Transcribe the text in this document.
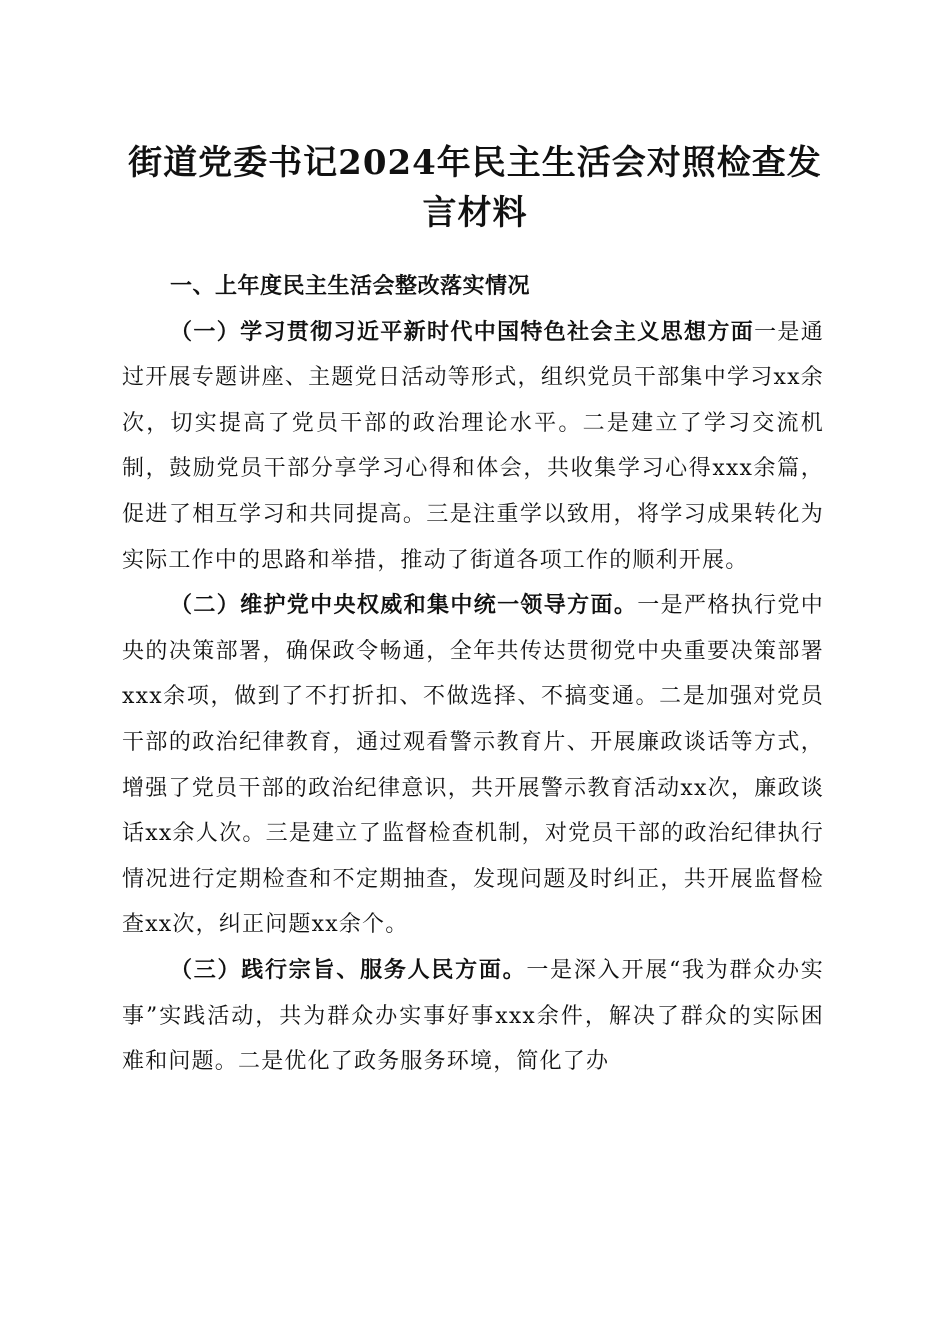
街道党委书记2024年民主生活会对照检查发言材料

一、上年度民主生活会整改落实情况

（一）学习贯彻习近平新时代中国特色社会主义思想方面一是通过开展专题讲座、主题党日活动等形式，组织党员干部集中学习xx余次，切实提高了党员干部的政治理论水平。二是建立了学习交流机制，鼓励党员干部分享学习心得和体会，共收集学习心得xxx余篇，促进了相互学习和共同提高。三是注重学以致用，将学习成果转化为实际工作中的思路和举措，推动了街道各项工作的顺利开展。

（二）维护党中央权威和集中统一领导方面。一是严格执行党中央的决策部署，确保政令畅通，全年共传达贯彻党中央重要决策部署xxx余项，做到了不打折扣、不做选择、不搞变通。二是加强对党员干部的政治纪律教育，通过观看警示教育片、开展廉政谈话等方式，增强了党员干部的政治纪律意识，共开展警示教育活动xx次，廉政谈话xx余人次。三是建立了监督检查机制，对党员干部的政治纪律执行情况进行定期检查和不定期抽查，发现问题及时纠正，共开展监督检查xx次，纠正问题xx余个。

（三）践行宗旨、服务人民方面。一是深入开展“我为群众办实事”实践活动，共为群众办实事好事xxx余件，解决了群众的实际困难和问题。二是优化了政务服务环境，简化了办
